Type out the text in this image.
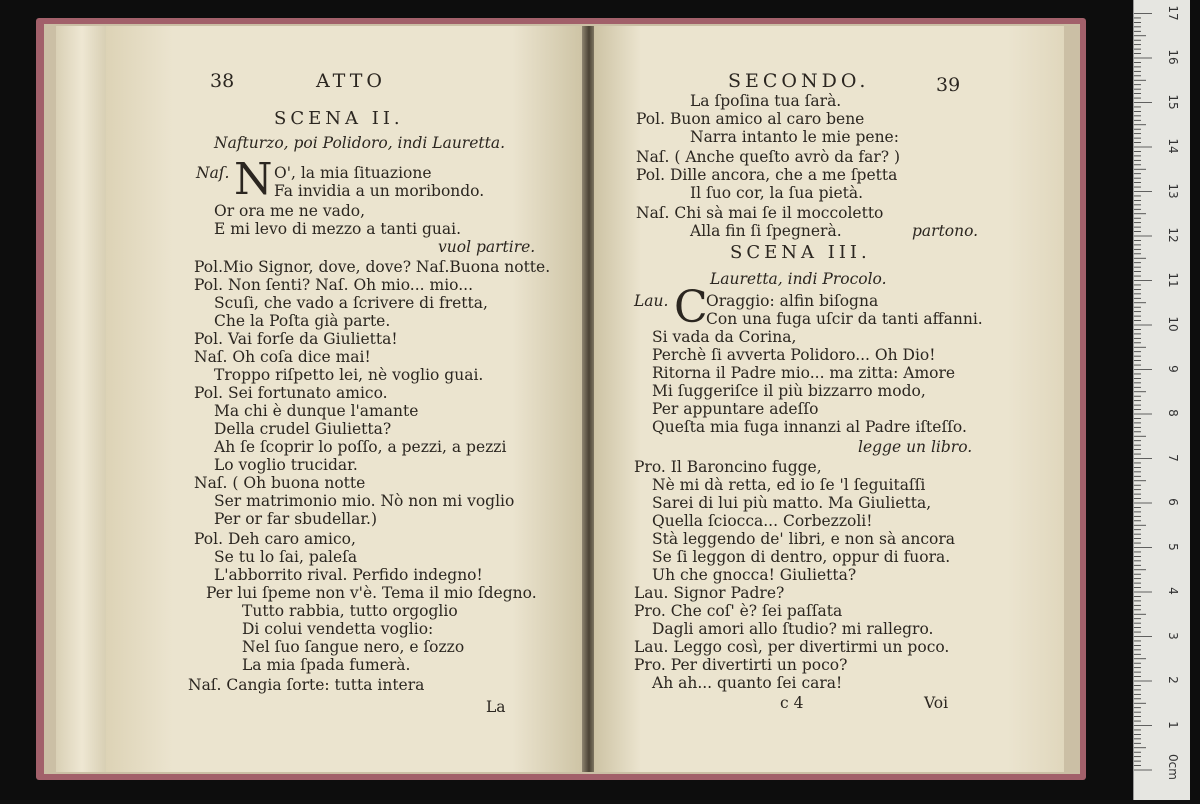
38	ATTO
SCENA II.
Nafturzo, poi Polidoro, indi Lauretta.
Naſ. N O', la mia ſituazione
Fa invidia a un moribondo.
Or ora me ne vado,
E mi levo di mezzo a tanti guai.
vuol partire.
Pol.Mio Signor, dove, dove? Naſ.Buona notte.
Pol. Non ſenti? Naſ. Oh mio... mio...
Scuſi, che vado a ſcrivere di fretta,
Che la Poſta già parte.
Pol. Vai forſe da Giulietta!
Naſ. Oh coſa dice mai!
Troppo riſpetto lei, nè voglio guai.
Pol. Sei fortunato amico.
Ma chi è dunque l'amante
Della crudel Giulietta?
Ah ſe ſcoprir lo poſſo, a pezzi, a pezzi
Lo voglio trucidar.
Naſ. ( Oh buona notte
Ser matrimonio mio. Nò non mi voglio
Per or far sbudellar.)
Pol. Deh caro amico,
Se tu lo ſai, paleſa
L'abborrito rival. Perfido indegno!
Per lui ſpeme non v'è. Tema il mio ſdegno.
Tutto rabbia, tutto orgoglio
Di colui vendetta voglio:
Nel ſuo ſangue nero, e ſozzo
La mia ſpada fumerà.
Naſ. Cangia ſorte: tutta intera
La
SECONDO.	39
La ſpoſina tua ſarà.
Pol. Buon amico al caro bene
Narra intanto le mie pene:
Naſ. ( Anche queſto avrò da far? )
Pol. Dille ancora, che a me ſpetta
Il ſuo cor, la ſua pietà.
Naſ. Chi sà mai ſe il moccoletto
Alla fin ſi ſpegnerà.	partono.
SCENA III.
Lauretta, indi Procolo.
Lau. C
Oraggio: alfin biſogna
Con una fuga uſcir da tanti affanni.
Si vada da Corina,
Perchè ſi avverta Polidoro... Oh Dio!
Ritorna il Padre mio... ma zitta: Amore
Mi ſuggeriſce il più bizzarro modo,
Per appuntare adeſſo
Queſta mia fuga innanzi al Padre iſteſſo.
legge un libro.
Pro. Il Baroncino fugge,
Nè mi dà retta, ed io ſe 'l ſeguitaſſi
Sarei di lui più matto. Ma Giulietta,
Quella ſciocca... Corbezzoli!
Stà leggendo de' libri, e non sà ancora
Se ſi leggon di dentro, oppur di fuora.
Uh che gnocca! Giulietta?
Lau. Signor Padre?
Pro. Che coſ' è? ſei paſſata
Dagli amori allo ſtudio? mi rallegro.
Lau. Leggo così, per divertirmi un poco.
Pro. Per divertirti un poco?
Ah ah... quanto ſei cara!
c 4	Voi
0cm
1
2
3
4
5
6
7
8
9
10
11
12
13
14
15
16
17
